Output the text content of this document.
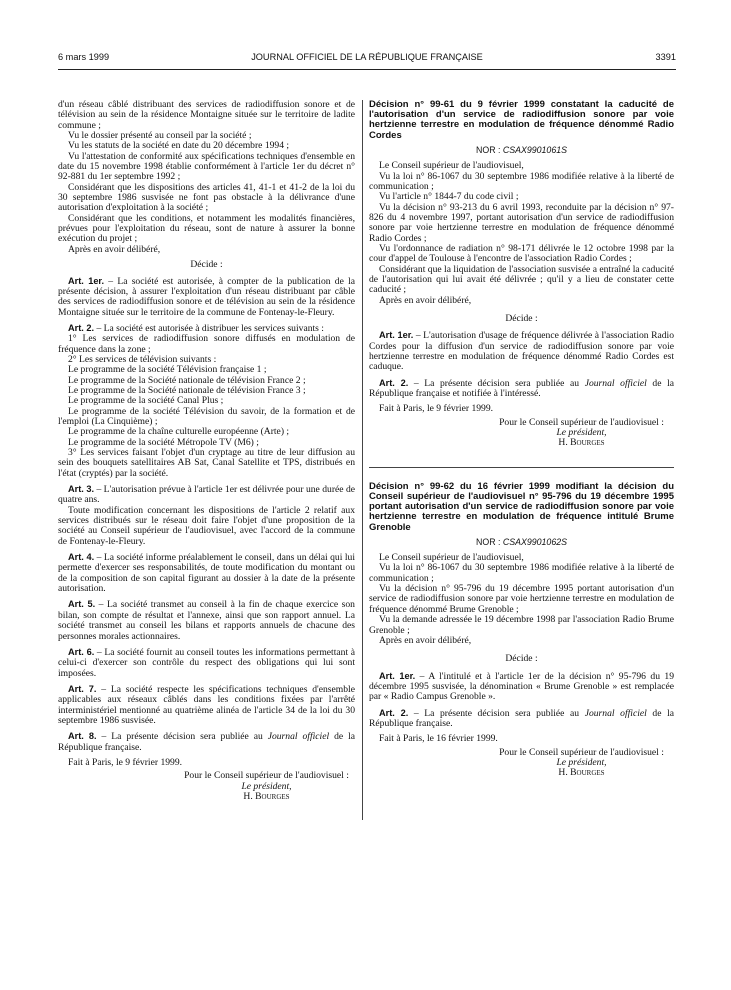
6 mars 1999	JOURNAL OFFICIEL DE LA RÉPUBLIQUE FRANÇAISE	3391

d'un réseau câblé distribuant des services de radiodiffusion sonore et de télévision au sein de la résidence Montaigne située sur le territoire de ladite commune ;

Vu le dossier présenté au conseil par la société ;

Vu les statuts de la société en date du 20 décembre 1994 ;

Vu l'attestation de conformité aux spécifications techniques d'ensemble en date du 15 novembre 1998 établie conformément à l'article 1er du décret n° 92-881 du 1er septembre 1992 ;

Considérant que les dispositions des articles 41, 41-1 et 41-2 de la loi du 30 septembre 1986 susvisée ne font pas obstacle à la délivrance d'une autorisation d'exploitation à la société ;

Considérant que les conditions, et notamment les modalités financières, prévues pour l'exploitation du réseau, sont de nature à assurer la bonne exécution du projet ;

Après en avoir délibéré,

Décide :

Art. 1er. – La société est autorisée, à compter de la publication de la présente décision, à assurer l'exploitation d'un réseau distribuant par câble des services de radiodiffusion sonore et de télévision au sein de la résidence Montaigne située sur le territoire de la commune de Fontenay-le-Fleury.

Art. 2. – La société est autorisée à distribuer les services suivants :

1° Les services de radiodiffusion sonore diffusés en modulation de fréquence dans la zone ;

2° Les services de télévision suivants :

Le programme de la société Télévision française 1 ;

Le programme de la Société nationale de télévision France 2 ;

Le programme de la Société nationale de télévision France 3 ;

Le programme de la société Canal Plus ;

Le programme de la société Télévision du savoir, de la formation et de l'emploi (La Cinquième) ;

Le programme de la chaîne culturelle européenne (Arte) ;

Le programme de la société Métropole TV (M6) ;

3° Les services faisant l'objet d'un cryptage au titre de leur diffusion au sein des bouquets satellitaires AB Sat, Canal Satellite et TPS, distribués en l'état (cryptés) par la société.

Art. 3. – L'autorisation prévue à l'article 1er est délivrée pour une durée de quatre ans.

Toute modification concernant les dispositions de l'article 2 relatif aux services distribués sur le réseau doit faire l'objet d'une proposition de la société au Conseil supérieur de l'audiovisuel, avec l'accord de la commune de Fontenay-le-Fleury.

Art. 4. – La société informe préalablement le conseil, dans un délai qui lui permette d'exercer ses responsabilités, de toute modification du montant ou de la composition de son capital figurant au dossier à la date de la présente autorisation.

Art. 5. – La société transmet au conseil à la fin de chaque exercice son bilan, son compte de résultat et l'annexe, ainsi que son rapport annuel. La société transmet au conseil les bilans et rapports annuels de chacune des personnes morales actionnaires.

Art. 6. – La société fournit au conseil toutes les informations permettant à celui-ci d'exercer son contrôle du respect des obligations qui lui sont imposées.

Art. 7. – La société respecte les spécifications techniques d'ensemble applicables aux réseaux câblés dans les conditions fixées par l'arrêté interministériel mentionné au quatrième alinéa de l'article 34 de la loi du 30 septembre 1986 susvisée.

Art. 8. – La présente décision sera publiée au Journal officiel de la République française.

Fait à Paris, le 9 février 1999.

Pour le Conseil supérieur de l'audiovisuel :

Le président,

H. Bourges

Décision n° 99-61 du 9 février 1999 constatant la caducité de l'autorisation d'un service de radiodiffusion sonore par voie hertzienne terrestre en modulation de fréquence dénommé Radio Cordes

NOR : CSAX9901061S

Le Conseil supérieur de l'audiovisuel,

Vu la loi n° 86-1067 du 30 septembre 1986 modifiée relative à la liberté de communication ;

Vu l'article n° 1844-7 du code civil ;

Vu la décision n° 93-213 du 6 avril 1993, reconduite par la décision n° 97-826 du 4 novembre 1997, portant autorisation d'un service de radiodiffusion sonore par voie hertzienne terrestre en modulation de fréquence dénommé Radio Cordes ;

Vu l'ordonnance de radiation n° 98-171 délivrée le 12 octobre 1998 par la cour d'appel de Toulouse à l'encontre de l'association Radio Cordes ;

Considérant que la liquidation de l'association susvisée a entraîné la caducité de l'autorisation qui lui avait été délivrée ; qu'il y a lieu de constater cette caducité ;

Après en avoir délibéré,

Décide :

Art. 1er. – L'autorisation d'usage de fréquence délivrée à l'association Radio Cordes pour la diffusion d'un service de radiodiffusion sonore par voie hertzienne terrestre en modulation de fréquence dénommé Radio Cordes est caduque.

Art. 2. – La présente décision sera publiée au Journal officiel de la République française et notifiée à l'intéressé.

Fait à Paris, le 9 février 1999.

Pour le Conseil supérieur de l'audiovisuel :

Le président,

H. Bourges

Décision n° 99-62 du 16 février 1999 modifiant la décision du Conseil supérieur de l'audiovisuel n° 95-796 du 19 décembre 1995 portant autorisation d'un service de radiodiffusion sonore par voie hertzienne terrestre en modulation de fréquence intitulé Brume Grenoble

NOR : CSAX9901062S

Le Conseil supérieur de l'audiovisuel,

Vu la loi n° 86-1067 du 30 septembre 1986 modifiée relative à la liberté de communication ;

Vu la décision n° 95-796 du 19 décembre 1995 portant autorisation d'un service de radiodiffusion sonore par voie hertzienne terrestre en modulation de fréquence dénommé Brume Grenoble ;

Vu la demande adressée le 19 décembre 1998 par l'association Radio Brume Grenoble ;

Après en avoir délibéré,

Décide :

Art. 1er. – A l'intitulé et à l'article 1er de la décision n° 95-796 du 19 décembre 1995 susvisée, la dénomination « Brume Grenoble » est remplacée par « Radio Campus Grenoble ».

Art. 2. – La présente décision sera publiée au Journal officiel de la République française.

Fait à Paris, le 16 février 1999.

Pour le Conseil supérieur de l'audiovisuel :

Le président,

H. Bourges
